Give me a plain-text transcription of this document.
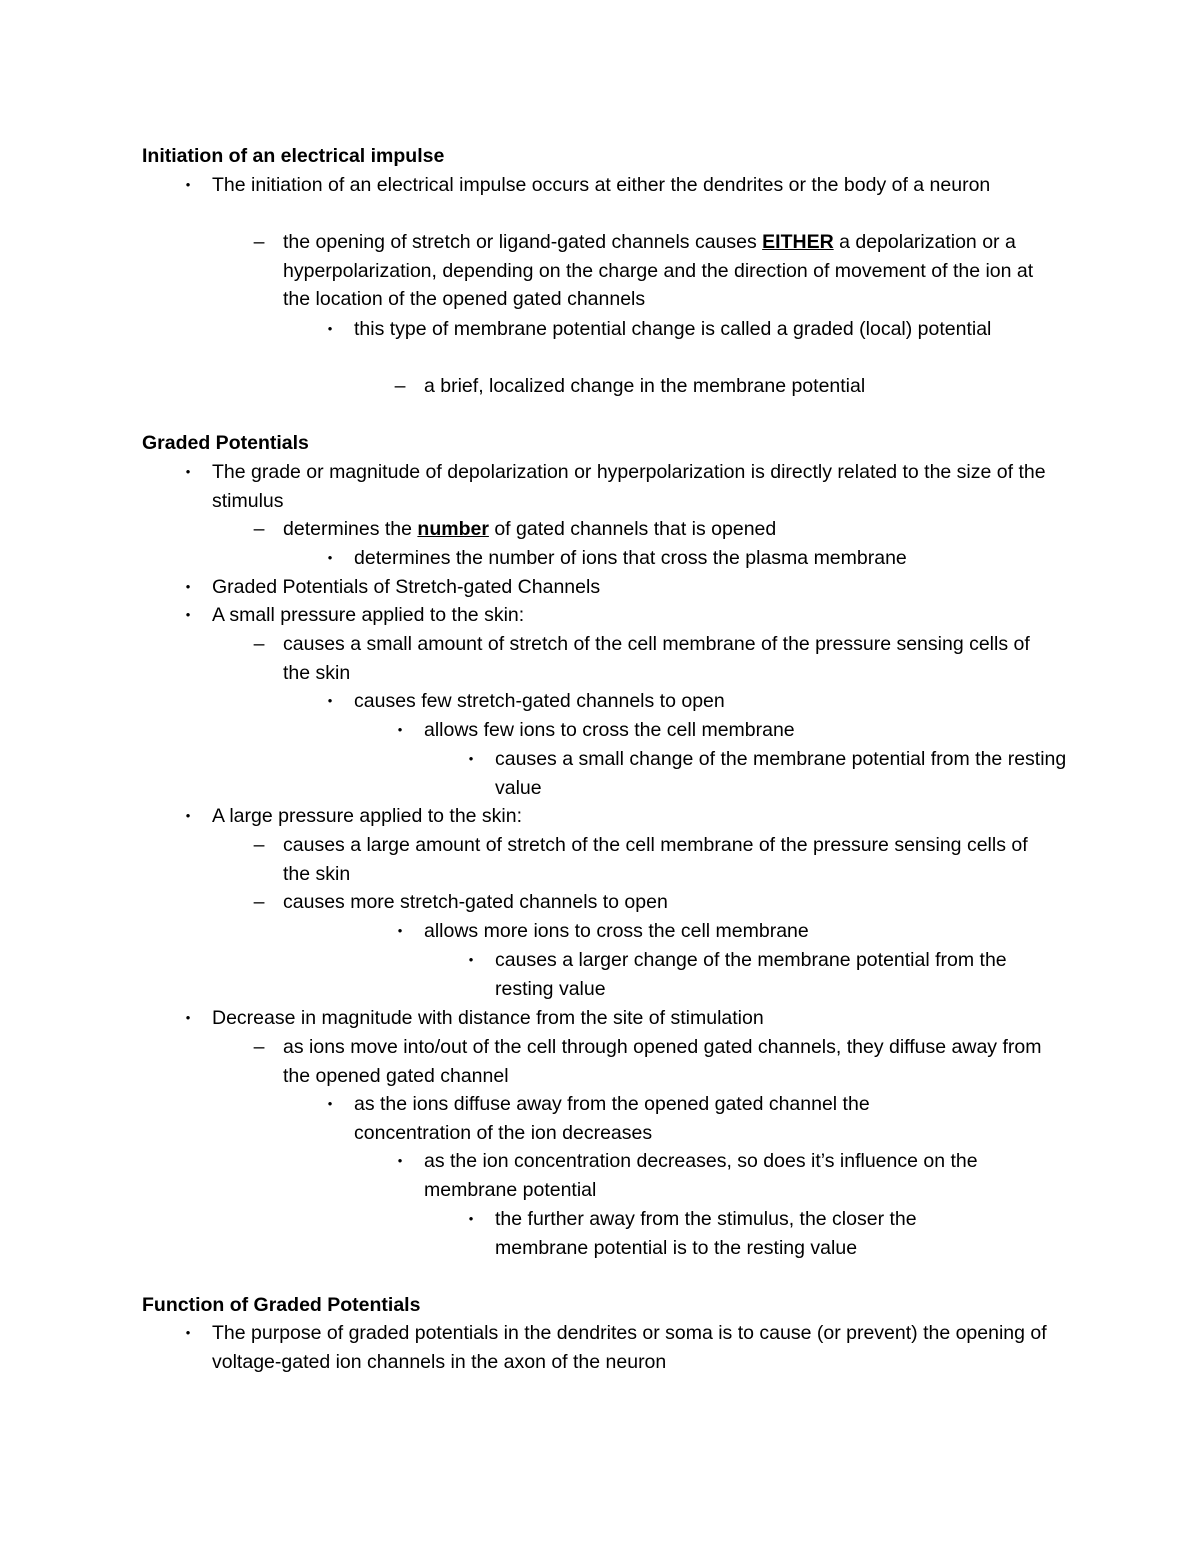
Initiation of an electrical impulse
•	The initiation of an electrical impulse occurs at either the dendrites or the body of a neuron
– the opening of stretch or ligand-gated channels causes EITHER a depolarization or a hyperpolarization, depending on the charge and the direction of movement of the ion at the location of the opened gated channels
•	this type of membrane potential change is called a graded (local) potential
– a brief, localized change in the membrane potential
Graded Potentials
•	The grade or magnitude of depolarization or hyperpolarization is directly related to the size of the stimulus
– determines the number of gated channels that is opened
•	determines the number of ions that cross the plasma membrane
•	Graded Potentials of Stretch-gated Channels
•	A small pressure applied to the skin:
– causes a small amount of stretch of the cell membrane of the pressure sensing cells of the skin
•	causes few stretch-gated channels to open
•	allows few ions to cross the cell membrane
•	causes a small change of the membrane potential from the resting value
•	A large pressure applied to the skin:
– causes a large amount of stretch of the cell membrane of the pressure sensing cells of the skin
– causes more stretch-gated channels to open
•	allows more ions to cross the cell membrane
•	causes a larger change of the membrane potential from the resting value
•	Decrease in magnitude with distance from the site of stimulation
– as ions move into/out of the cell through opened gated channels, they diffuse away from the opened gated channel
•	as the ions diffuse away from the opened gated channel the concentration of the ion decreases
•	as the ion concentration decreases, so does it’s influence on the membrane potential
•	the further away from the stimulus, the closer the membrane potential is to the resting value
Function of Graded Potentials
•	The purpose of graded potentials in the dendrites or soma is to cause (or prevent) the opening of voltage-gated ion channels in the axon of the neuron
